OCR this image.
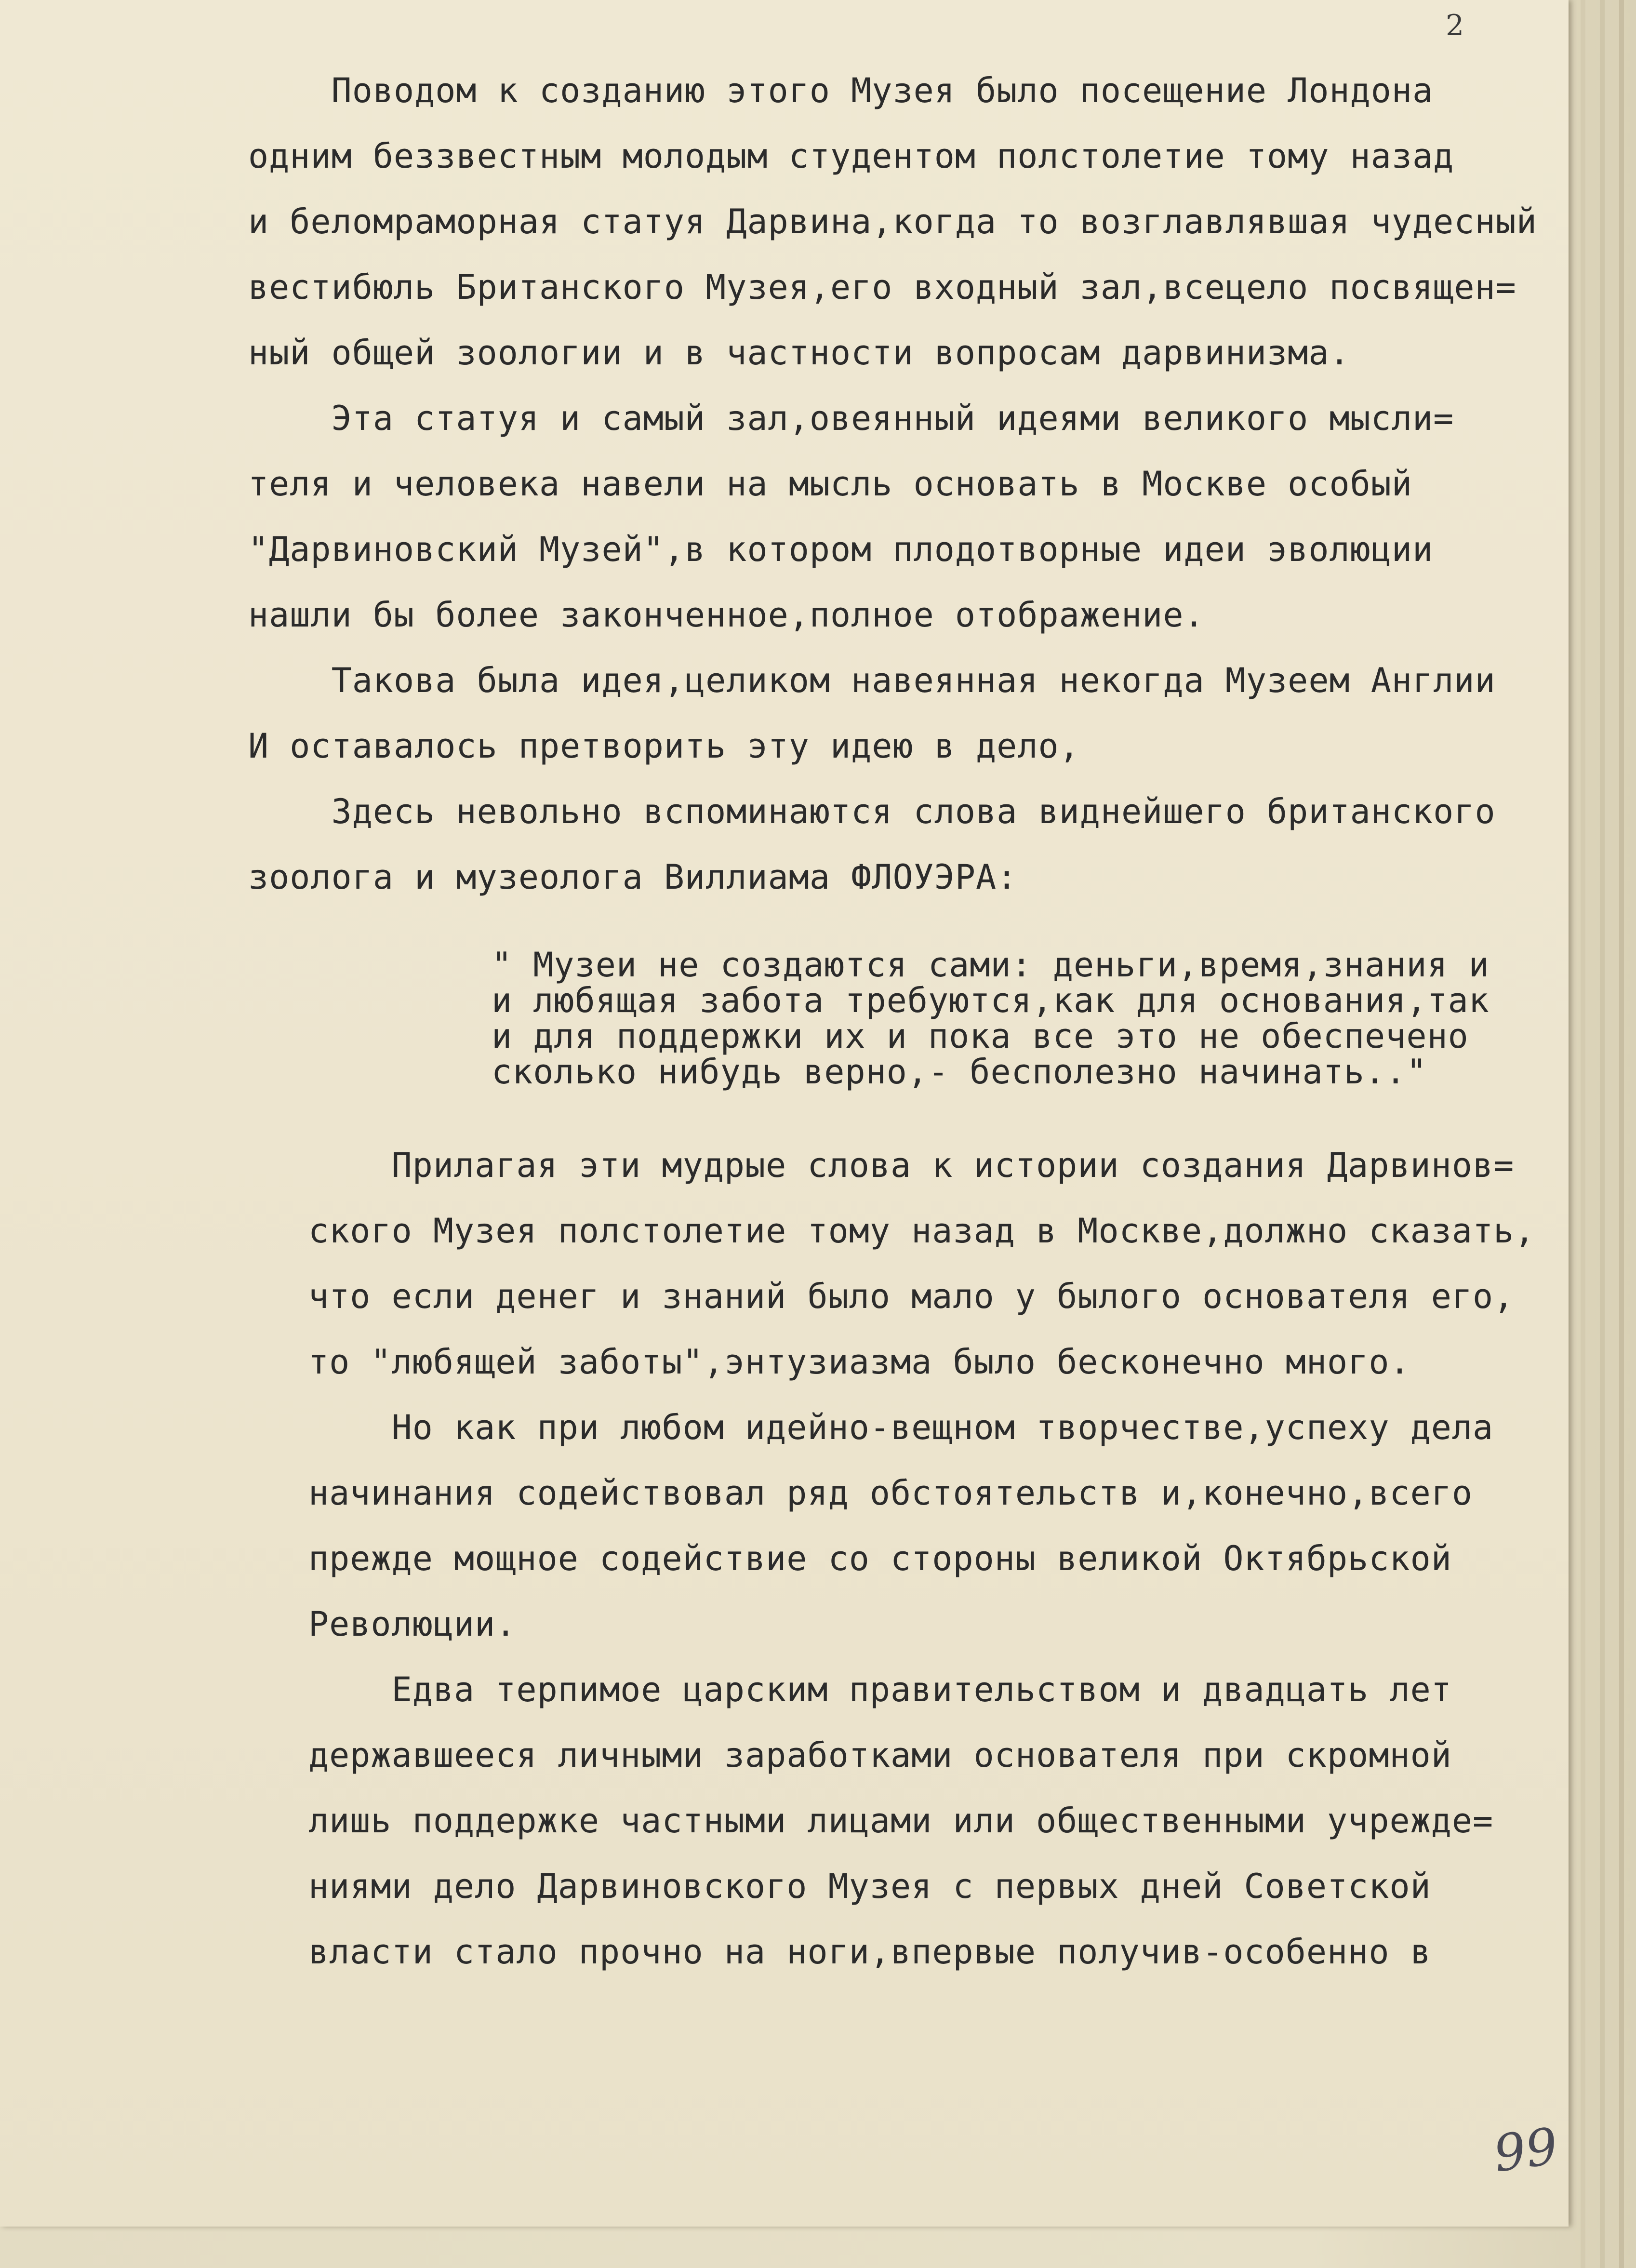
2
Поводом к созданию этого Музея было посещение Лондона
одним беззвестным молодым студентом полстолетие тому назад
и беломраморная статуя Дарвина,когда то возглавлявшая чудесный
вестибюль Британского Музея,его входный зал,всецело посвящен=
ный общей зоологии и в частности вопросам дарвинизма.
Эта статуя и самый зал,овеянный идеями великого мысли=
теля и человека навели на мысль основать в Москве особый
"Дарвиновский Музей",в котором плодотворные идеи эволюции
нашли бы более законченное,полное отображение.
Такова была идея,целиком навеянная некогда Музеем Англии
И оставалось претворить эту идею в дело,
Здесь невольно вспоминаются слова виднейшего британского
зоолога и музеолога Виллиама ФЛОУЭРА:
" Музеи не создаются сами: деньги,время,знания и
и любящая забота требуются,как для основания,так
и для поддержки их и пока все это не обеспечено
сколько нибудь верно,- бесполезно начинать.."
Прилагая эти мудрые слова к истории создания Дарвинов=
ского Музея полстолетие тому назад в Москве,должно сказать,
что если денег и знаний было мало у былого основателя его,
то "любящей заботы",энтузиазма было бесконечно много.
Но как при любом идейно-вещном творчестве,успеху дела
начинания содействовал ряд обстоятельств и,конечно,всего
прежде мощное содействие со стороны великой Октябрьской
Революции.
Едва терпимое царским правительством и двадцать лет
державшееся личными заработками основателя при скромной
лишь поддержке частными лицами или общественными учрежде=
ниями дело Дарвиновского Музея с первых дней Советской
власти стало прочно на ноги,впервые получив-особенно в
99
